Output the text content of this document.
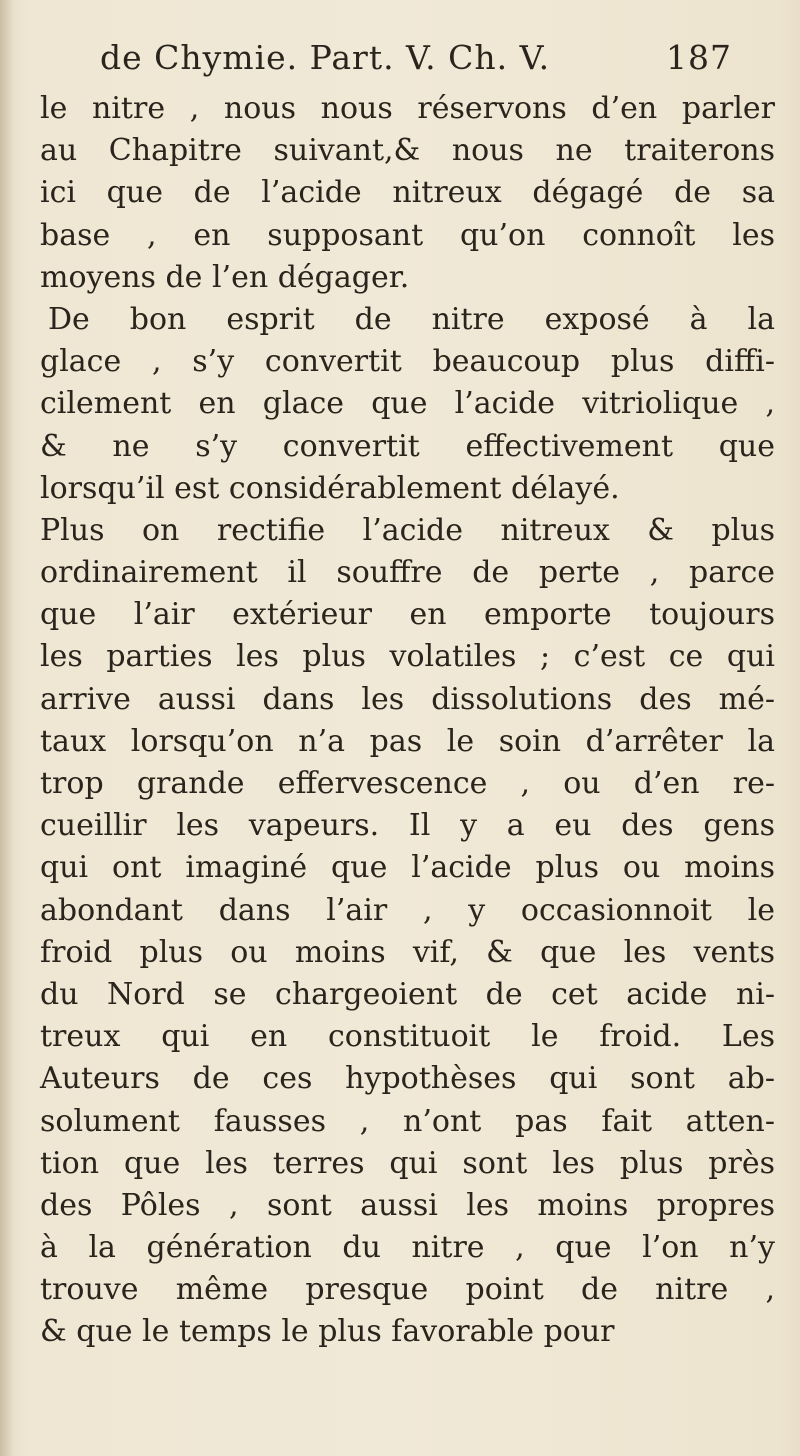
de Chymie. Part. V. Ch. V.	187
le nitre , nous nous réservons d’en parler
au Chapitre suivant,& nous ne traiterons
ici que de l’acide nitreux dégagé de sa
base , en supposant qu’on connoît les
moyens de l’en dégager.
De bon esprit de nitre exposé à la
glace , s’y convertit beaucoup plus diffi-
cilement en glace que l’acide vitriolique ,
& ne s’y convertit effectivement que
lorsqu’il est considérablement délayé.
Plus on rectifie l’acide nitreux & plus
ordinairement il souffre de perte , parce
que l’air extérieur en emporte toujours
les parties les plus volatiles ; c’est ce qui
arrive aussi dans les dissolutions des mé-
taux lorsqu’on n’a pas le soin d’arrêter la
trop grande effervescence , ou d’en re-
cueillir les vapeurs. Il y a eu des gens
qui ont imaginé que l’acide plus ou moins
abondant dans l’air , y occasionnoit le
froid plus ou moins vif, & que les vents
du Nord se chargeoient de cet acide ni-
treux qui en constituoit le froid. Les
Auteurs de ces hypothèses qui sont ab-
solument fausses , n’ont pas fait atten-
tion que les terres qui sont les plus près
des Pôles , sont aussi les moins propres
à la génération du nitre , que l’on n’y
trouve même presque point de nitre ,
& que le temps le plus favorable pour
